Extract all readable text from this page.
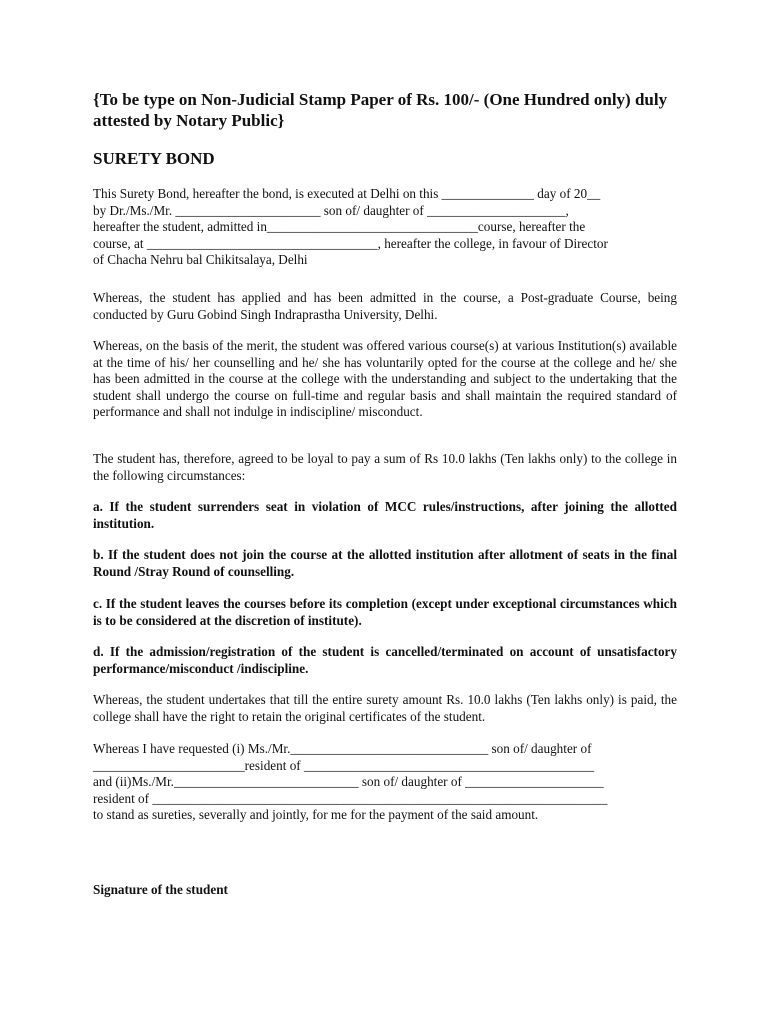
{To be type on Non-Judicial Stamp Paper of Rs. 100/- (One Hundred only) duly attested by Notary Public}
SURETY BOND
This Surety Bond, hereafter the bond, is executed at Delhi on this ______________ day of 20__
by Dr./Ms./Mr. ______________________ son of/ daughter of _____________________,
hereafter the student, admitted in________________________________course, hereafter the
course, at ___________________________________, hereafter the college, in favour of Director
of Chacha Nehru bal Chikitsalaya, Delhi

Whereas, the student has applied and has been admitted in the course, a Post-graduate Course, being conducted by Guru Gobind Singh Indraprastha University, Delhi.

Whereas, on the basis of the merit, the student was offered various course(s) at various Institution(s) available at the time of his/ her counselling and he/ she has voluntarily opted for the course at the college and he/ she has been admitted in the course at the college with the understanding and subject to the undertaking that the student shall undergo the course on full-time and regular basis and shall maintain the required standard of performance and shall not indulge in indiscipline/ misconduct.

The student has, therefore, agreed to be loyal to pay a sum of Rs 10.0 lakhs (Ten lakhs only) to the college in the following circumstances:

a. If the student surrenders seat in violation of MCC rules/instructions, after joining the allotted institution.

b. If the student does not join the course at the allotted institution after allotment of seats in the final Round /Stray Round of counselling.

c. If the student leaves the courses before its completion (except under exceptional circumstances which is to be considered at the discretion of institute).

d. If the admission/registration of the student is cancelled/terminated on account of unsatisfactory performance/misconduct /indiscipline.

Whereas, the student undertakes that till the entire surety amount Rs. 10.0 lakhs (Ten lakhs only) is paid, the college shall have the right to retain the original certificates of the student.

Whereas I have requested (i) Ms./Mr.______________________________ son of/ daughter of
_______________________resident of ____________________________________________
and (ii)Ms./Mr.____________________________ son of/ daughter of _____________________
resident of _____________________________________________________________________
to stand as sureties, severally and jointly, for me for the payment of the said amount.
Signature of the student
